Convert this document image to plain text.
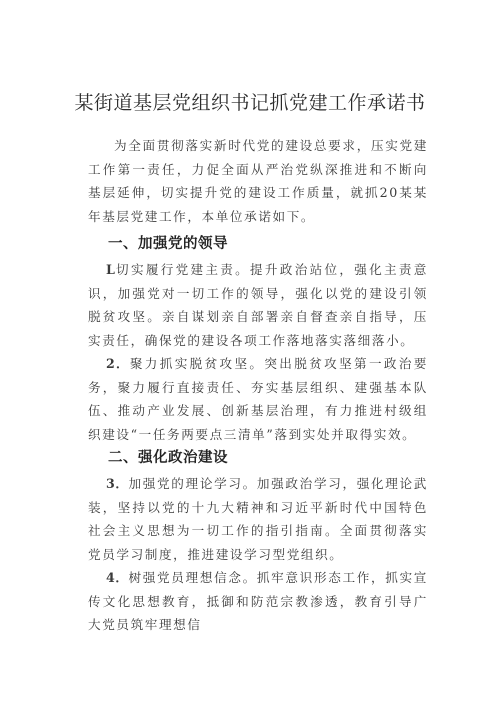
某街道基层党组织书记抓党建工作承诺书
为全面贯彻落实新时代党的建设总要求，压实党建工作第一责任，力促全面从严治党纵深推进和不断向基层延伸，切实提升党的建设工作质量，就抓20某某年基层党建工作，本单位承诺如下。
一、加强党的领导
L切实履行党建主责。提升政治站位，强化主责意识，加强党对一切工作的领导，强化以党的建设引领脱贫攻坚。亲自谋划亲自部署亲自督查亲自指导，压实责任，确保党的建设各项工作落地落实落细落小。
2．聚力抓实脱贫攻坚。突出脱贫攻坚第一政治要务，聚力履行直接责任、夯实基层组织、建强基本队伍、推动产业发展、创新基层治理，有力推进村级组织建设“一任务两要点三清单”落到实处并取得实效。
二、强化政治建设
3．加强党的理论学习。加强政治学习，强化理论武装，坚持以党的十九大精神和习近平新时代中国特色社会主义思想为一切工作的指引指南。全面贯彻落实党员学习制度，推进建设学习型党组织。
4．树强党员理想信念。抓牢意识形态工作，抓实宣传文化思想教育，抵御和防范宗教渗透，教育引导广大党员筑牢理想信
